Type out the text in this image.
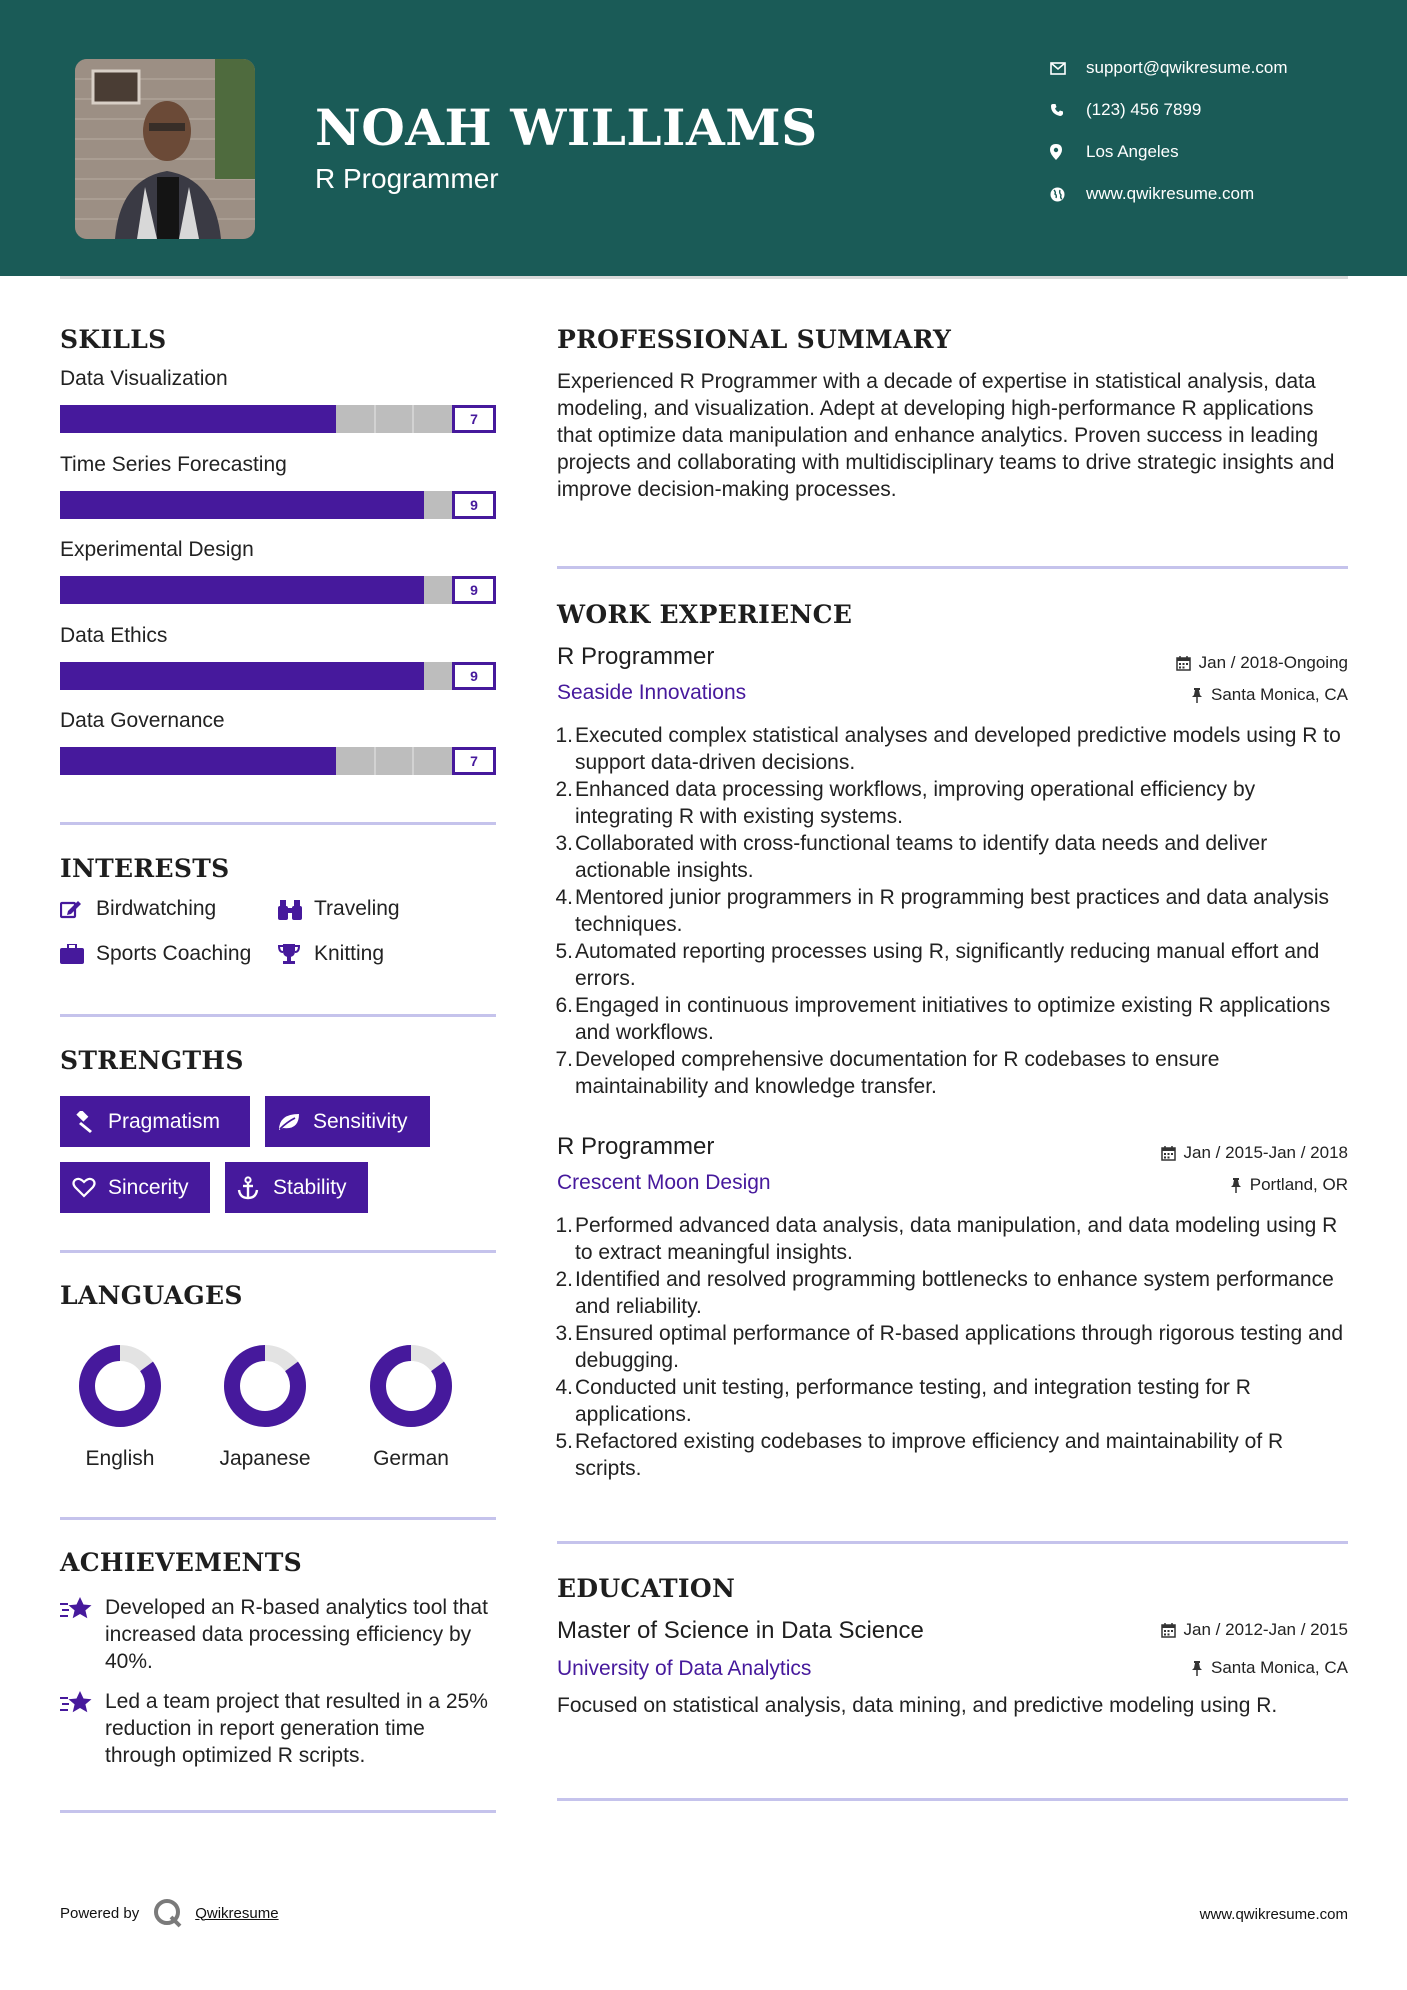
NOAH WILLIAMS
R Programmer
support@qwikresume.com
(123) 456 7899
Los Angeles
www.qwikresume.com
SKILLS
Data Visualization
7
Time Series Forecasting
9
Experimental Design
9
Data Ethics
9
Data Governance
7
INTERESTS
Birdwatching	Traveling
Sports Coaching	Knitting
STRENGTHS
Pragmatism	Sensitivity
Sincerity	Stability
LANGUAGES
English	Japanese	German
ACHIEVEMENTS
Developed an R-based analytics tool that increased data processing efficiency by 40%.
Led a team project that resulted in a 25% reduction in report generation time through optimized R scripts.
PROFESSIONAL SUMMARY
Experienced R Programmer with a decade of expertise in statistical analysis, data modeling, and visualization. Adept at developing high-performance R applications that optimize data manipulation and enhance analytics. Proven success in leading projects and collaborating with multidisciplinary teams to drive strategic insights and improve decision-making processes.
WORK EXPERIENCE
R Programmer	Jan / 2018-Ongoing
Seaside Innovations	Santa Monica, CA
1. Executed complex statistical analyses and developed predictive models using R to support data-driven decisions.
2. Enhanced data processing workflows, improving operational efficiency by integrating R with existing systems.
3. Collaborated with cross-functional teams to identify data needs and deliver actionable insights.
4. Mentored junior programmers in R programming best practices and data analysis techniques.
5. Automated reporting processes using R, significantly reducing manual effort and errors.
6. Engaged in continuous improvement initiatives to optimize existing R applications and workflows.
7. Developed comprehensive documentation for R codebases to ensure maintainability and knowledge transfer.
R Programmer	Jan / 2015-Jan / 2018
Crescent Moon Design	Portland, OR
1. Performed advanced data analysis, data manipulation, and data modeling using R to extract meaningful insights.
2. Identified and resolved programming bottlenecks to enhance system performance and reliability.
3. Ensured optimal performance of R-based applications through rigorous testing and debugging.
4. Conducted unit testing, performance testing, and integration testing for R applications.
5. Refactored existing codebases to improve efficiency and maintainability of R scripts.
EDUCATION
Master of Science in Data Science	Jan / 2012-Jan / 2015
University of Data Analytics	Santa Monica, CA
Focused on statistical analysis, data mining, and predictive modeling using R.
Powered by	Qwikresume	www.qwikresume.com
